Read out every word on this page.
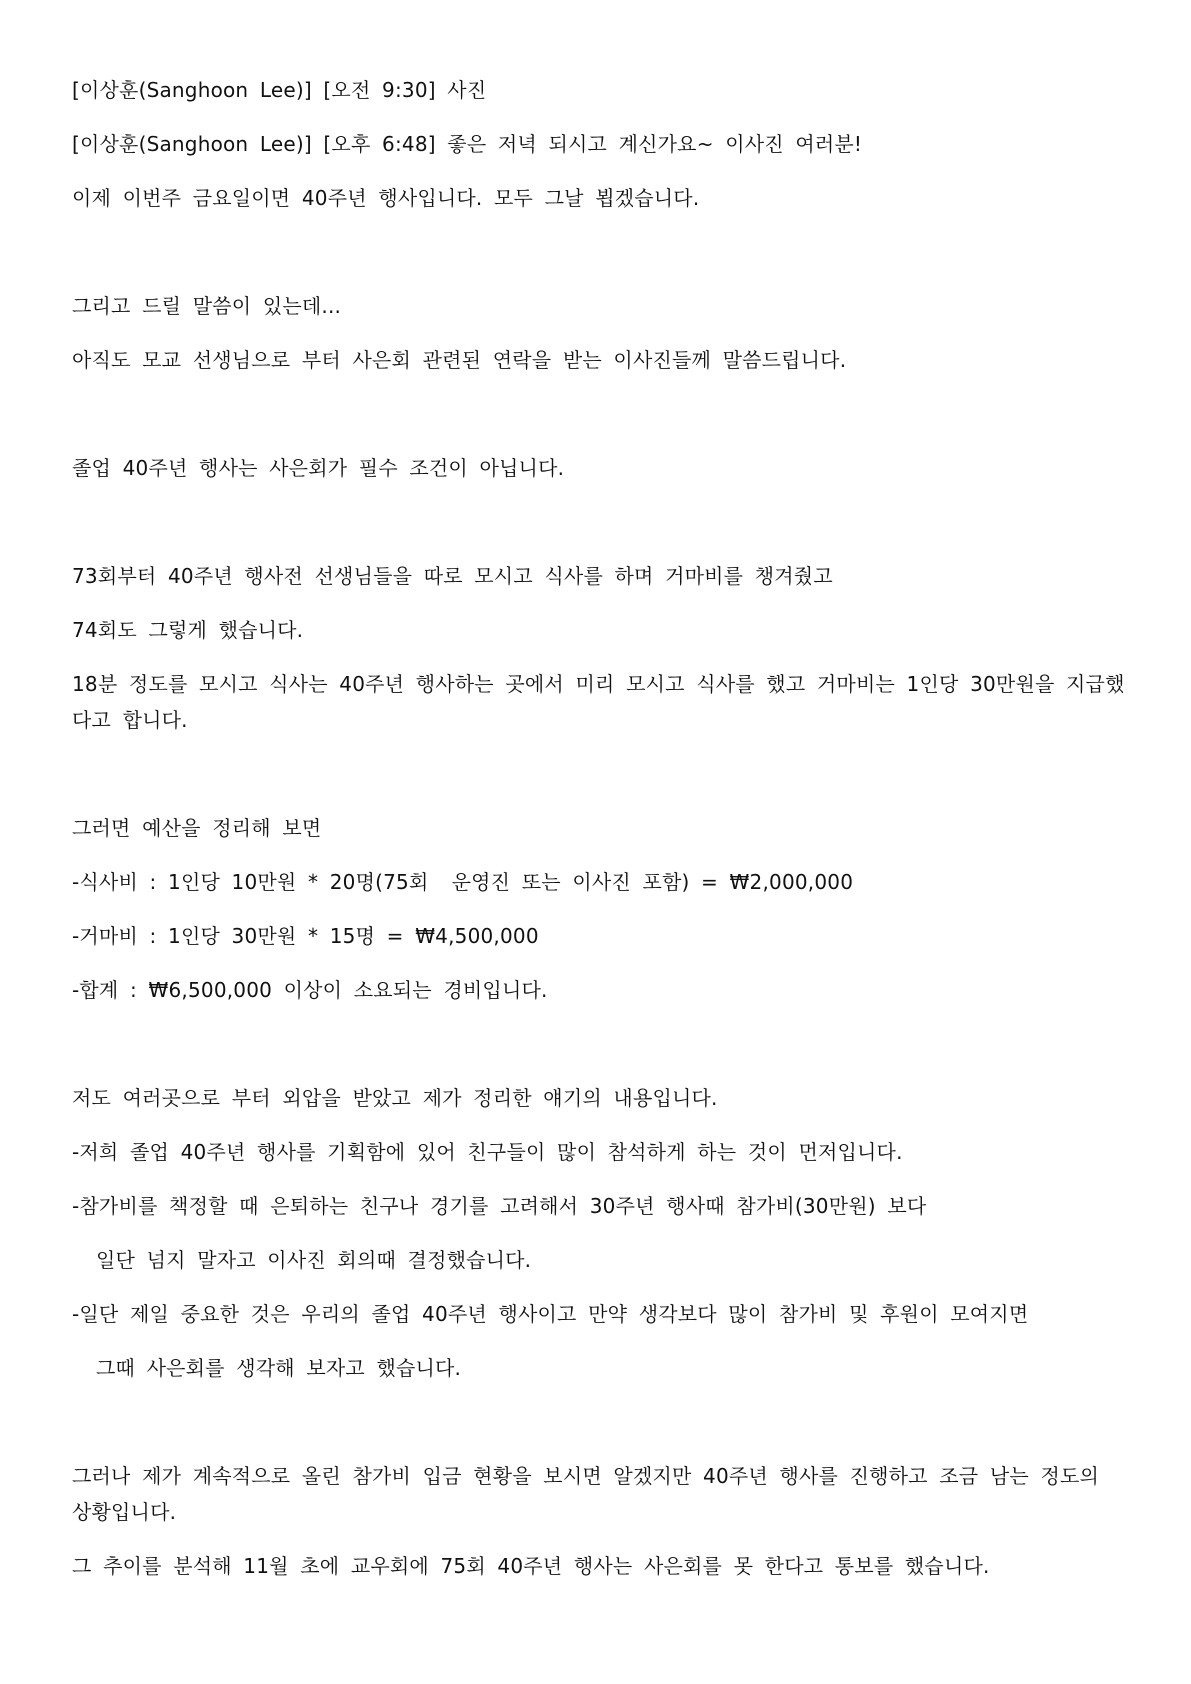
[이상훈(Sanghoon Lee)] [오전 9:30] 사진
[이상훈(Sanghoon Lee)] [오후 6:48] 좋은 저녁 되시고 계신가요~ 이사진 여러분!
이제 이번주 금요일이면 40주년 행사입니다. 모두 그날 뵙겠습니다.
그리고 드릴 말씀이 있는데...
아직도 모교 선생님으로 부터 사은회 관련된 연락을 받는 이사진들께 말씀드립니다.
졸업 40주년 행사는 사은회가 필수 조건이 아닙니다.
73회부터 40주년 행사전 선생님들을 따로 모시고 식사를 하며 거마비를 챙겨줬고
74회도 그렇게 했습니다.
18분 정도를 모시고 식사는 40주년 행사하는 곳에서 미리 모시고 식사를 했고 거마비는 1인당 30만원을 지급했다고 합니다.
그러면 예산을 정리해 보면
-식사비 : 1인당 10만원 * 20명(75회  운영진 또는 이사진 포함) = ₩2,000,000
-거마비 : 1인당 30만원 * 15명 = ₩4,500,000
-합계 : ₩6,500,000 이상이 소요되는 경비입니다.
저도 여러곳으로 부터 외압을 받았고 제가 정리한 얘기의 내용입니다.
-저희 졸업 40주년 행사를 기획함에 있어 친구들이 많이 참석하게 하는 것이 먼저입니다.
-참가비를 책정할 때 은퇴하는 친구나 경기를 고려해서 30주년 행사때 참가비(30만원) 보다
일단 넘지 말자고 이사진 회의때 결정했습니다.
-일단 제일 중요한 것은 우리의 졸업 40주년 행사이고 만약 생각보다 많이 참가비 및 후원이 모여지면
그때 사은회를 생각해 보자고 했습니다.
그러나 제가 계속적으로 올린 참가비 입금 현황을 보시면 알겠지만 40주년 행사를 진행하고 조금 남는 정도의 상황입니다.
그 추이를 분석해 11월 초에 교우회에 75회 40주년 행사는 사은회를 못 한다고 통보를 했습니다.
